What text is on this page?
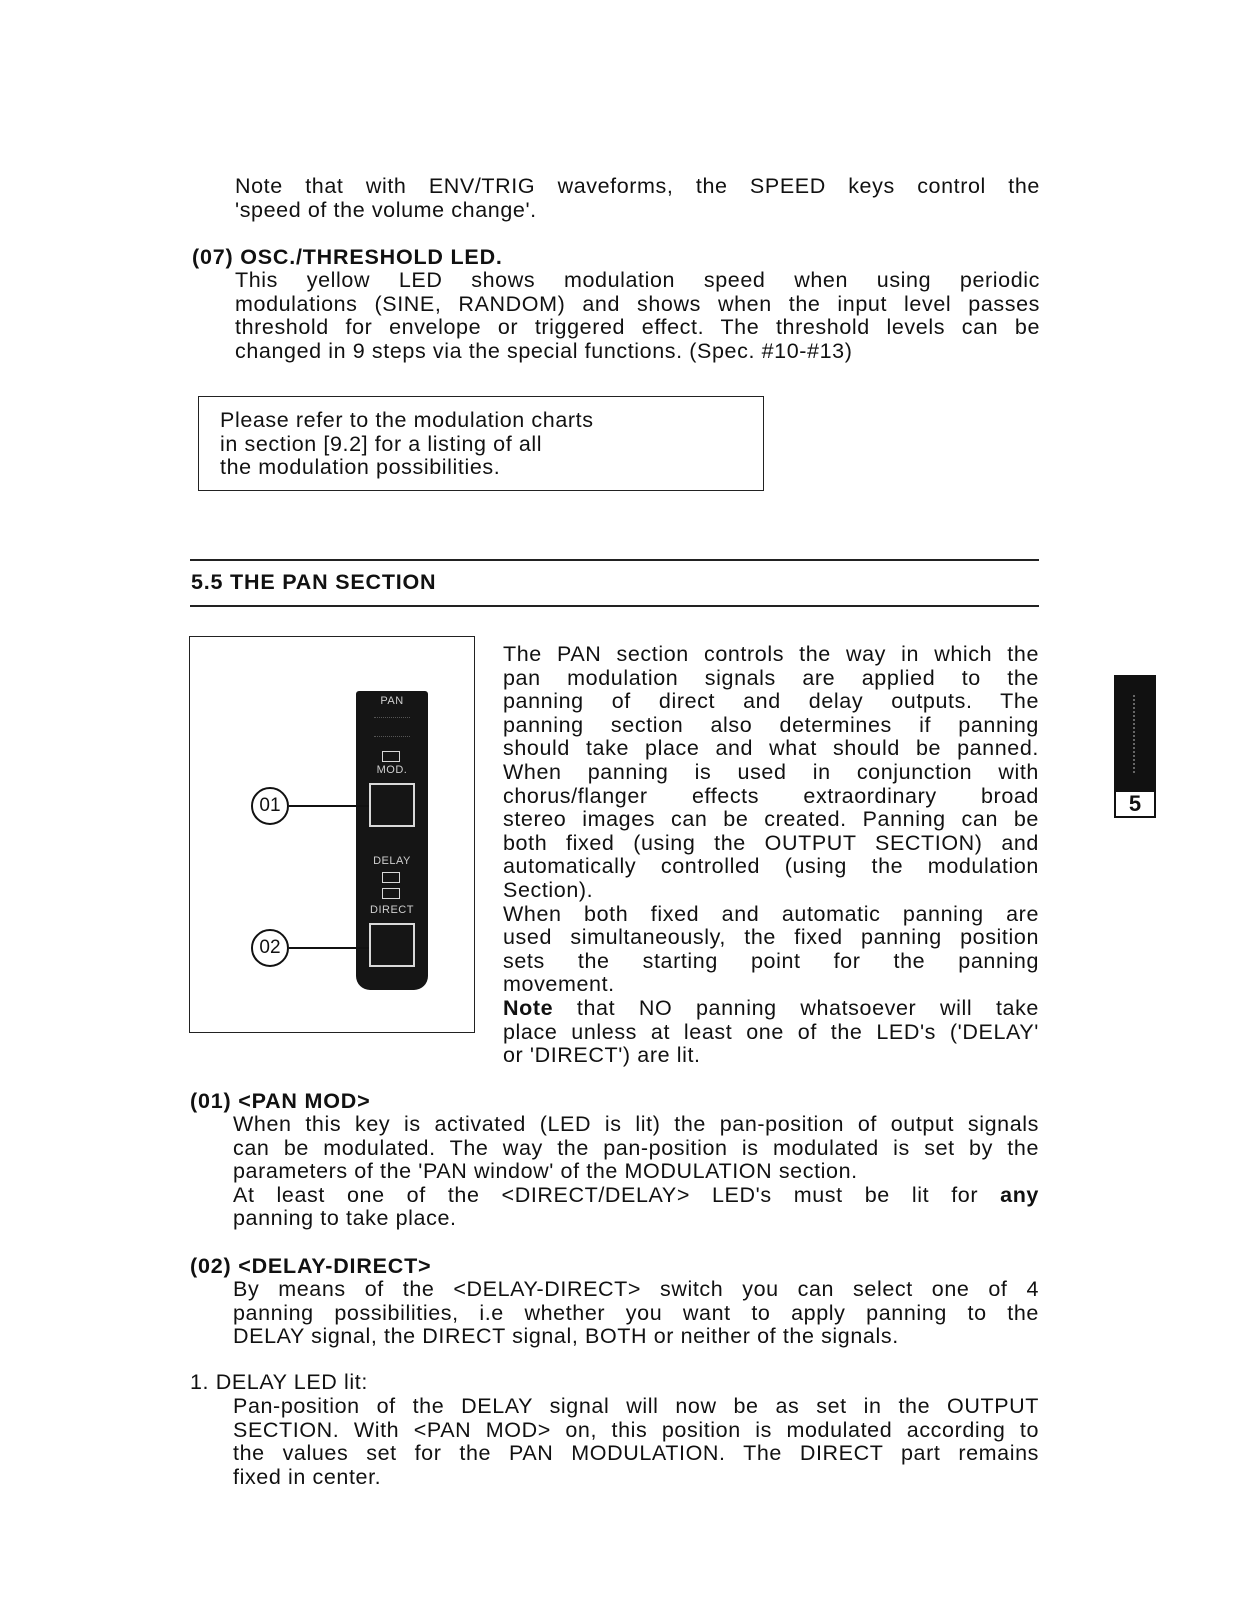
Note that with ENV/TRIG waveforms, the SPEED keys control the
'speed of the volume change'.
(07) OSC./THRESHOLD LED.
This yellow LED shows modulation speed when using periodic
modulations (SINE, RANDOM) and shows when the input level passes
threshold for envelope or triggered effect. The threshold levels can be
changed in 9 steps via the special functions. (Spec. #10-#13)
Please refer to the modulation charts
in section [9.2] for a listing of all
the modulation possibilities.
5.5 THE PAN SECTION
PAN
MOD.
DELAY
DIRECT
01
02
The PAN section controls the way in which the
pan modulation signals are applied to the
panning of direct and delay outputs. The
panning section also determines if panning
should take place and what should be panned.
When panning is used in conjunction with
chorus/flanger effects extraordinary broad
stereo images can be created. Panning can be
both fixed (using the OUTPUT SECTION) and
automatically controlled (using the modulation
Section).
When both fixed and automatic panning are
used simultaneously, the fixed panning position
sets the starting point for the panning
movement.
Note that NO panning whatsoever will take
place unless at least one of the LED's ('DELAY'
or 'DIRECT') are lit.
(01) <PAN MOD>
When this key is activated (LED is lit) the pan-position of output signals
can be modulated. The way the pan-position is modulated is set by the
parameters of the 'PAN window' of the MODULATION section.
At least one of the <DIRECT/DELAY> LED's must be lit for any
panning to take place.
(02) <DELAY-DIRECT>
By means of the <DELAY-DIRECT> switch you can select one of 4
panning possibilities, i.e whether you want to apply panning to the
DELAY signal, the DIRECT signal, BOTH or neither of the signals.
1. DELAY LED lit:
Pan-position of the DELAY signal will now be as set in the OUTPUT
SECTION. With <PAN MOD> on, this position is modulated according to
the values set for the PAN MODULATION. The DIRECT part remains
fixed in center.
5
